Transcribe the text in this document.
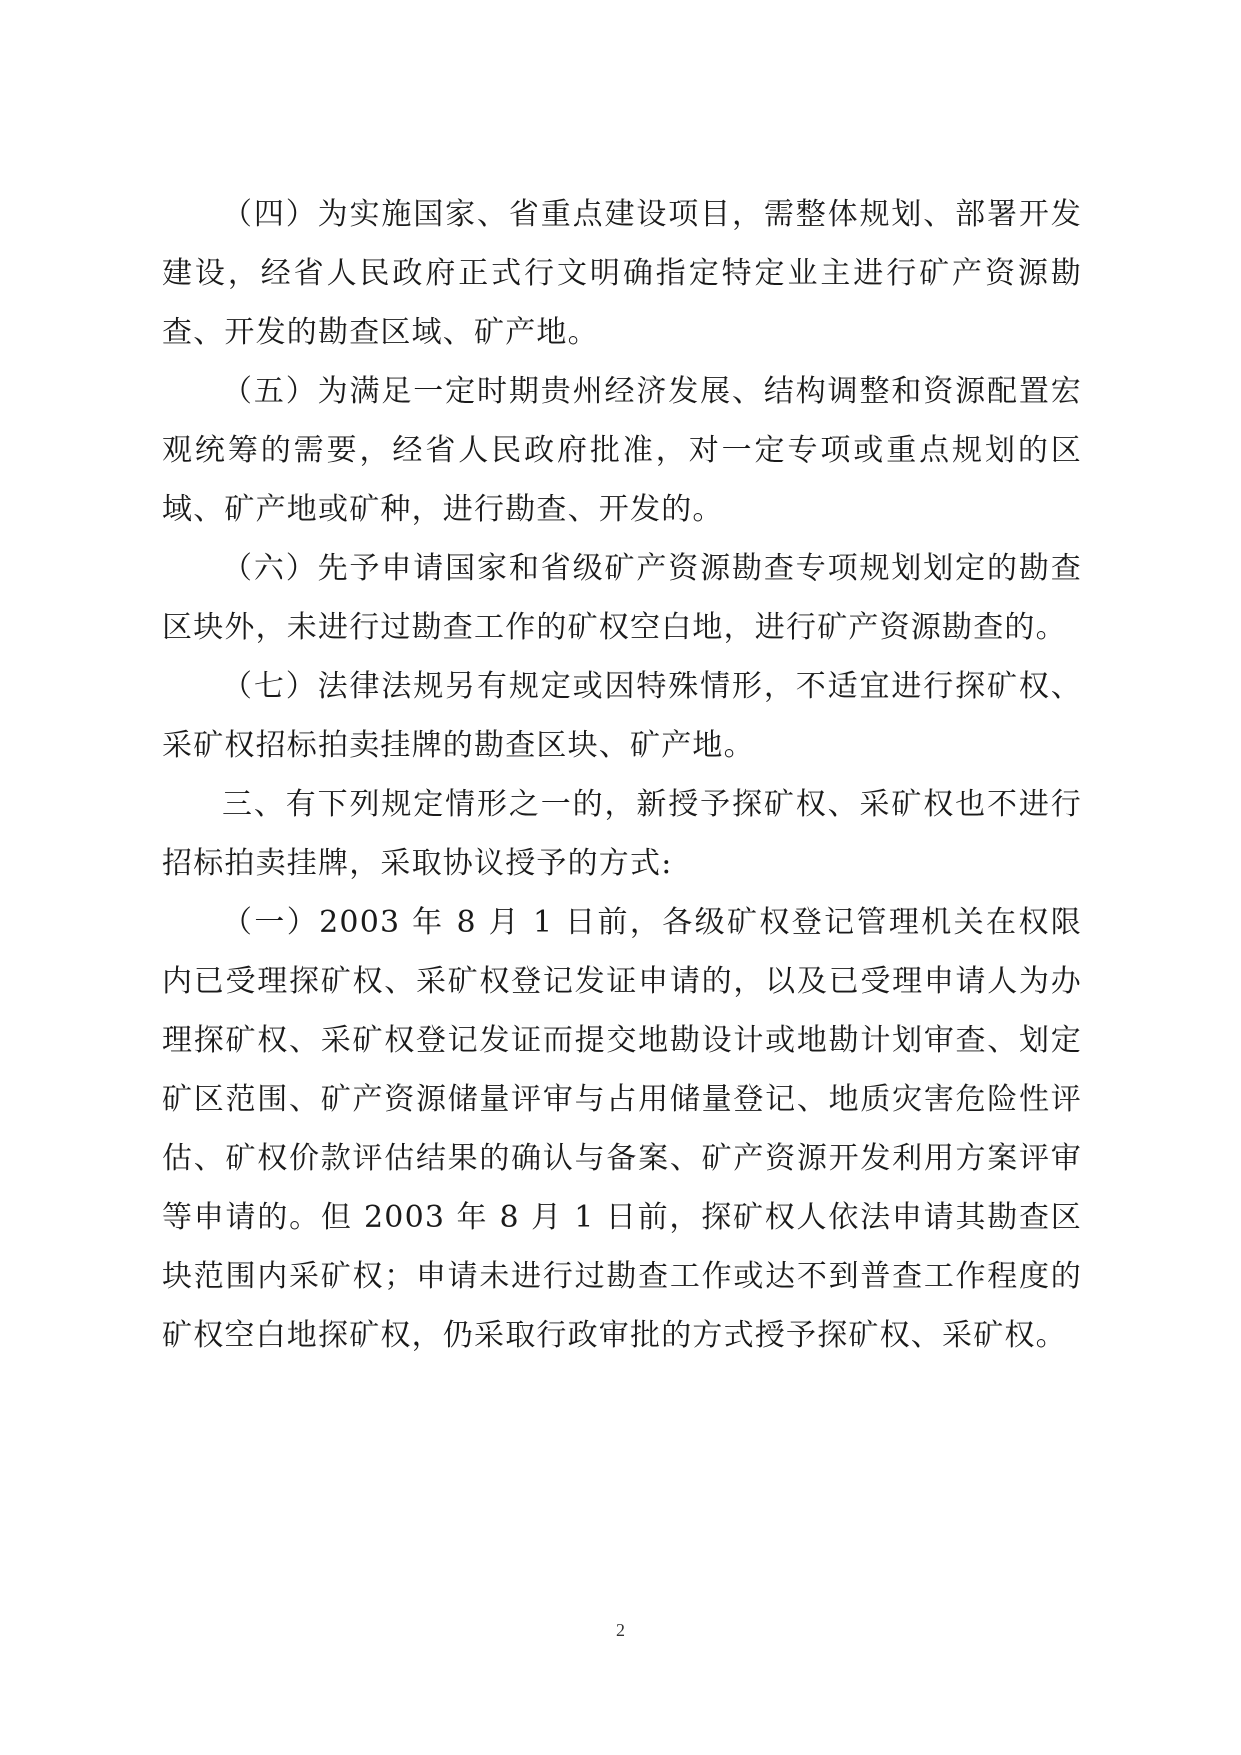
（四）为实施国家、省重点建设项目，需整体规划、部署开发建设，经省人民政府正式行文明确指定特定业主进行矿产资源勘查、开发的勘查区域、矿产地。

（五）为满足一定时期贵州经济发展、结构调整和资源配置宏观统筹的需要，经省人民政府批准，对一定专项或重点规划的区域、矿产地或矿种，进行勘查、开发的。

（六）先予申请国家和省级矿产资源勘查专项规划划定的勘查区块外，未进行过勘查工作的矿权空白地，进行矿产资源勘查的。

（七）法律法规另有规定或因特殊情形，不适宜进行探矿权、采矿权招标拍卖挂牌的勘查区块、矿产地。

三、有下列规定情形之一的，新授予探矿权、采矿权也不进行招标拍卖挂牌，采取协议授予的方式:

（一）2003 年 8 月 1 日前，各级矿权登记管理机关在权限内已受理探矿权、采矿权登记发证申请的，以及已受理申请人为办理探矿权、采矿权登记发证而提交地勘设计或地勘计划审查、划定矿区范围、矿产资源储量评审与占用储量登记、地质灾害危险性评估、矿权价款评估结果的确认与备案、矿产资源开发利用方案评审等申请的。但 2003 年 8 月 1 日前，探矿权人依法申请其勘查区块范围内采矿权；申请未进行过勘查工作或达不到普查工作程度的矿权空白地探矿权，仍采取行政审批的方式授予探矿权、采矿权。

2
